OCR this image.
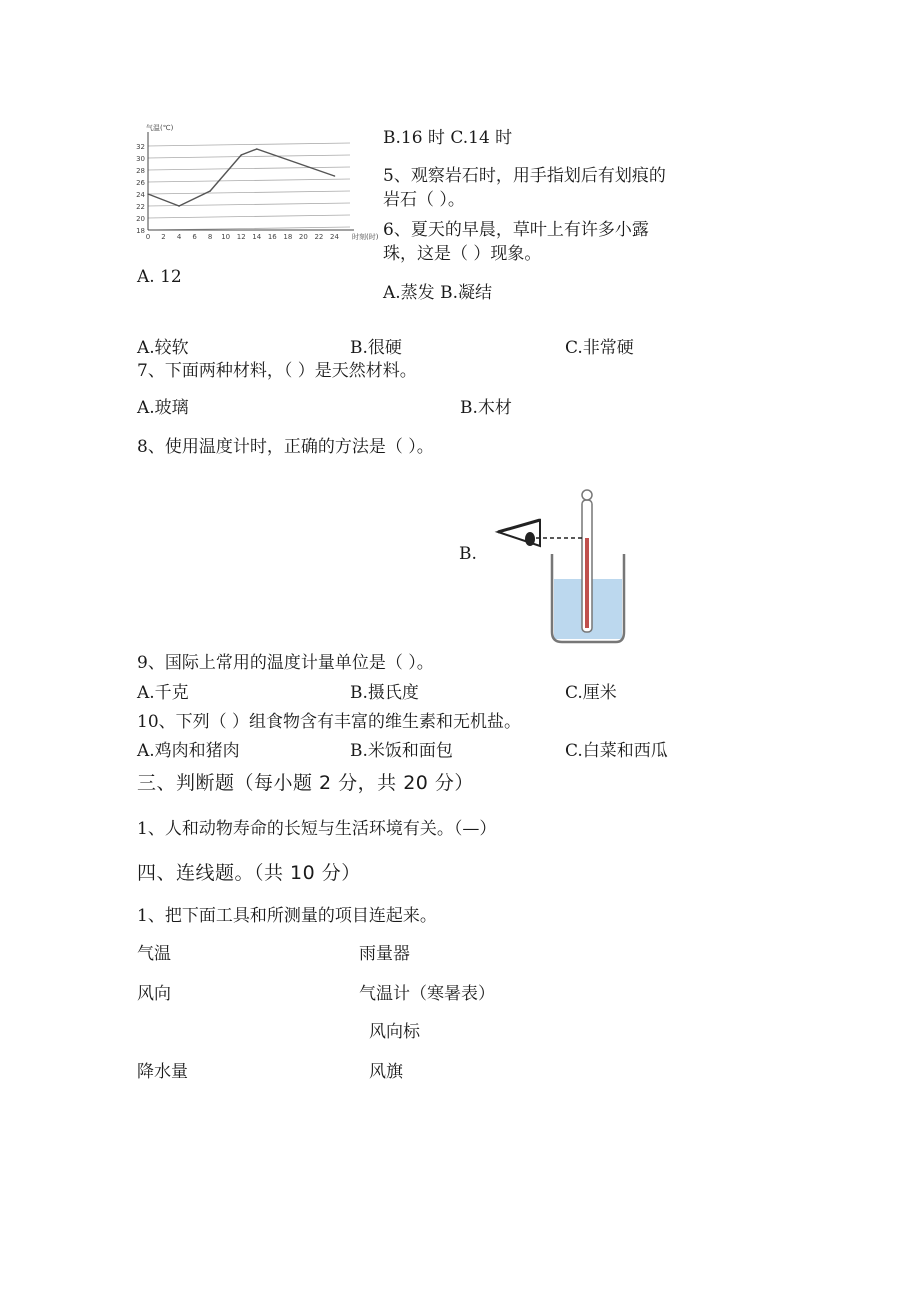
18
20
22
24
26
28
30
32
0 2 4 6 8 10 12 14 16 18 20 22 24
气温(℃)
时刻(时)
A. 12
B.16 时 C.14 时
5、观察岩石时，用手指划后有划痕的
岩石（ ）。
6、夏天的早晨，草叶上有许多小露
珠，这是（ ）现象。
A.蒸发 B.凝结
A.较软	B.很硬	C.非常硬
7、下面两种材料，（ ）是天然材料。
A.玻璃	B.木材
8、使用温度计时，正确的方法是（ ）。
B.
9、国际上常用的温度计量单位是（ ）。
A.千克	B.摄氏度	C.厘米
10、下列（ ）组食物含有丰富的维生素和无机盐。
A.鸡肉和猪肉	B.米饭和面包	C.白菜和西瓜
三、判断题（每小题 2 分，共 20 分）
1、人和动物寿命的长短与生活环境有关。（—）
四、连线题。（共 10 分）
1、把下面工具和所测量的项目连起来。
气温
风向
降水量
雨量器
气温计（寒暑表）
风向标
风旗
